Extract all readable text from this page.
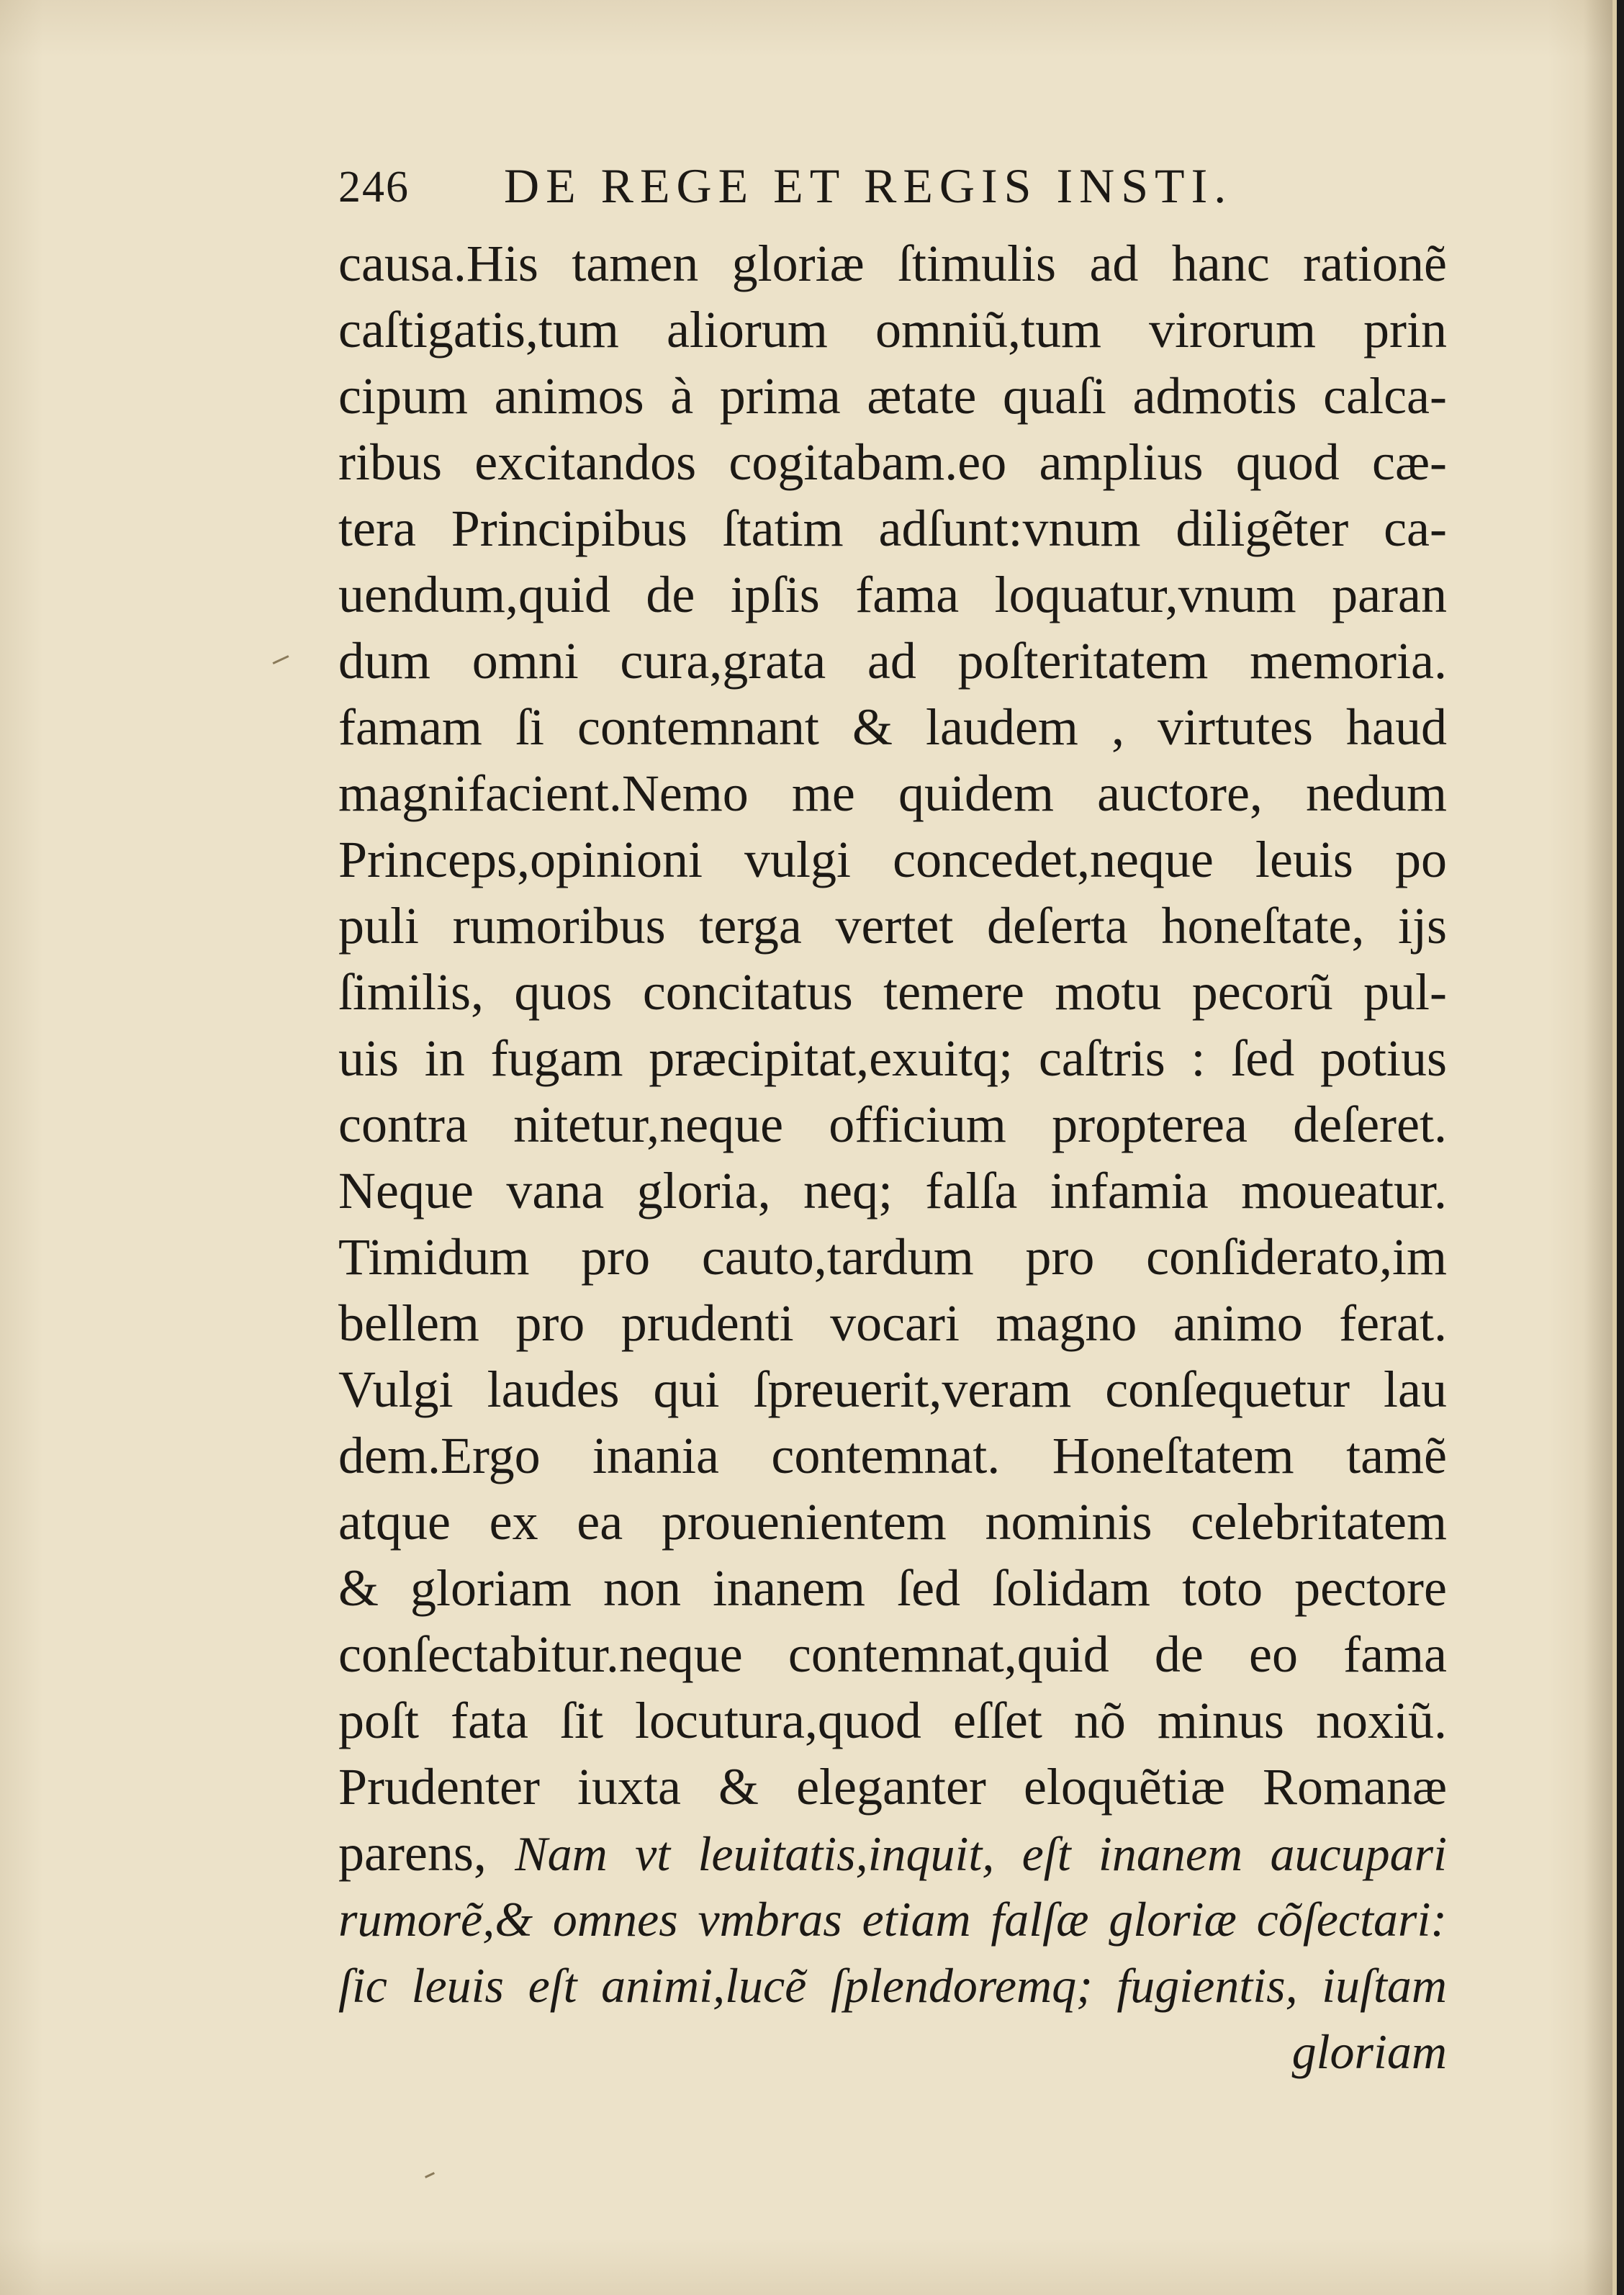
246 DE REGE ET REGIS INSTI.
causa.His tamen gloriæ ſtimulis ad hanc rationẽ
caſtigatis,tum aliorum omniũ,tum virorum prin
cipum animos à prima ætate quaſi admotis calca-
ribus excitandos cogitabam.eo amplius quod cæ-
tera Principibus ſtatim adſunt:vnum diligẽter ca-
uendum,quid de ipſis fama loquatur,vnum paran
dum omni cura,grata ad poſteritatem memoria.
famam ſi contemnant & laudem , virtutes haud
magnifacient.Nemo me quidem auctore, nedum
Princeps,opinioni vulgi concedet,neque leuis po
puli rumoribus terga vertet deſerta honeſtate, ijs
ſimilis, quos concitatus temere motu pecorũ pul-
uis in fugam præcipitat,exuitq; caſtris : ſed potius
contra nitetur,neque officium propterea deſeret.
Neque vana gloria, neq; falſa infamia moueatur.
Timidum pro cauto,tardum pro conſiderato,im
bellem pro prudenti vocari magno animo ferat.
Vulgi laudes qui ſpreuerit,veram conſequetur lau
dem.Ergo inania contemnat. Honeſtatem tamẽ
atque ex ea prouenientem nominis celebritatem
& gloriam non inanem ſed ſolidam toto pectore
conſectabitur.neque contemnat,quid de eo fama
poſt fata ſit locutura,quod eſſet nõ minus noxiũ.
Prudenter iuxta & eleganter eloquẽtiæ Romanæ
parens, Nam vt leuitatis,inquit, eſt inanem aucupari
rumorẽ,& omnes vmbras etiam falſæ gloriæ cõſectari:
ſic leuis eſt animi,lucẽ ſplendoremq; fugientis, iuſtam
gloriam
